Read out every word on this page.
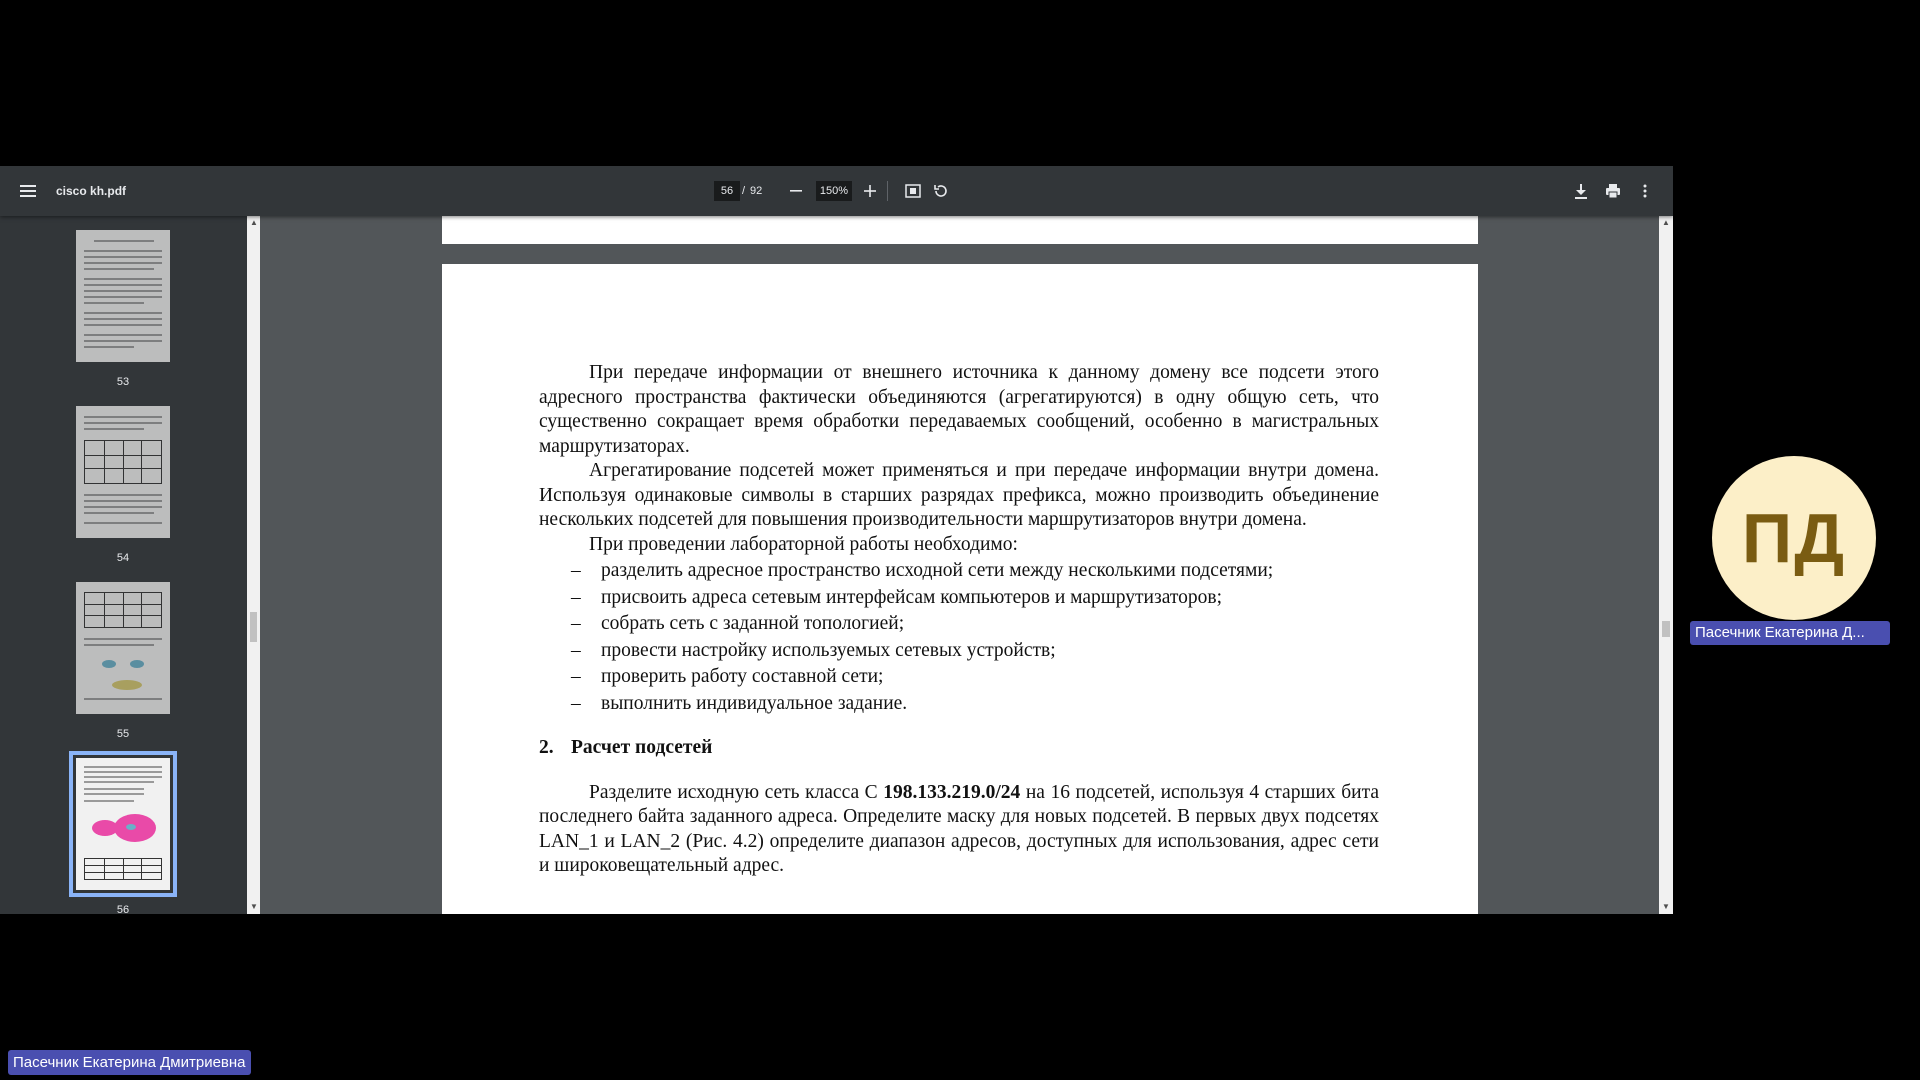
cisco kh.pdf	56 / 92	150%
53
54
55
56
▲
▼

При передаче информации от внешнего источника к данному домену все подсети этого адресного пространства фактически объединяются (агрегатируются) в одну общую сеть, что существенно сокращает время обработки передаваемых сообщений, особенно в магистральных маршрутизаторах.

Агрегатирование подсетей может применяться и при передаче информации внутри домена. Используя одинаковые символы в старших разрядах префикса, можно производить объединение нескольких подсетей для повышения производительности маршрутизаторов внутри домена.

При проведении лабораторной работы необходимо:

–	разделить адресное пространство исходной сети между несколькими подсетями;
–	присвоить адреса сетевым интерфейсам компьютеров и маршрутизаторов;
–	собрать сеть с заданной топологией;
–	провести настройку используемых сетевых устройств;
–	проверить работу составной сети;
–	выполнить индивидуальное задание.
2. Расчет подсетей

Разделите исходную сеть класса С 198.133.219.0/24 на 16 подсетей, используя 4 старших бита последнего байта заданного адреса. Определите маску для новых подсетей. В первых двух подсетях LAN_1 и LAN_2 (Рис. 4.2) определите диапазон адресов, доступных для использования, адрес сети и широковещательный адрес.

▲
▼
ПД
Пасечник Екатерина Д...
Пасечник Екатерина Дмитриевна
